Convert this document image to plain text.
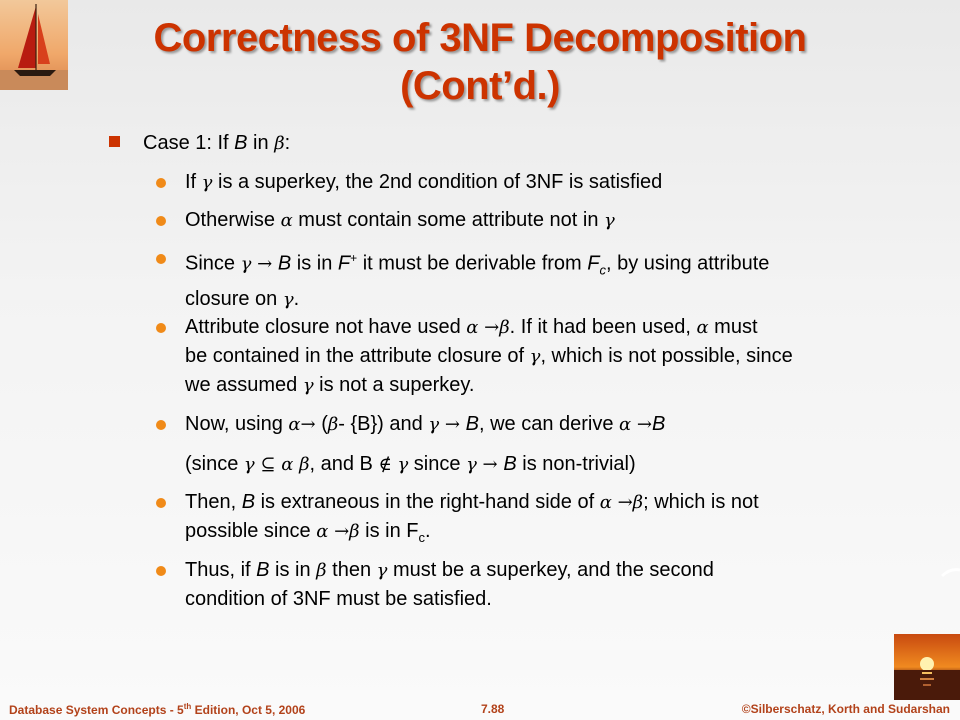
Correctness of 3NF Decomposition
(Cont’d.)
Case 1: If B in β:
If γ is a superkey, the 2nd condition of 3NF is satisfied
Otherwise α must contain some attribute not in γ
Since γ → B is in F+ it must be derivable from $F_c$, by using attribute
closure on γ.
Attribute closure not have used α →β. If it had been used, α must
be contained in the attribute closure of γ, which is not possible, since
we assumed γ is not a superkey.
Now, using α→ (β- {B}) and γ → B, we can derive α →B
(since γ ⊆ α β, and B ∉ γ since γ → B is non-trivial)
Then, B is extraneous in the right-hand side of α →β; which is not
possible since α →β is in $F_c$.
Thus, if B is in β then γ must be a superkey, and the second
condition of 3NF must be satisfied.
Database System Concepts - 5th Edition, Oct 5, 2006	7.88	©Silberschatz, Korth and Sudarshan
